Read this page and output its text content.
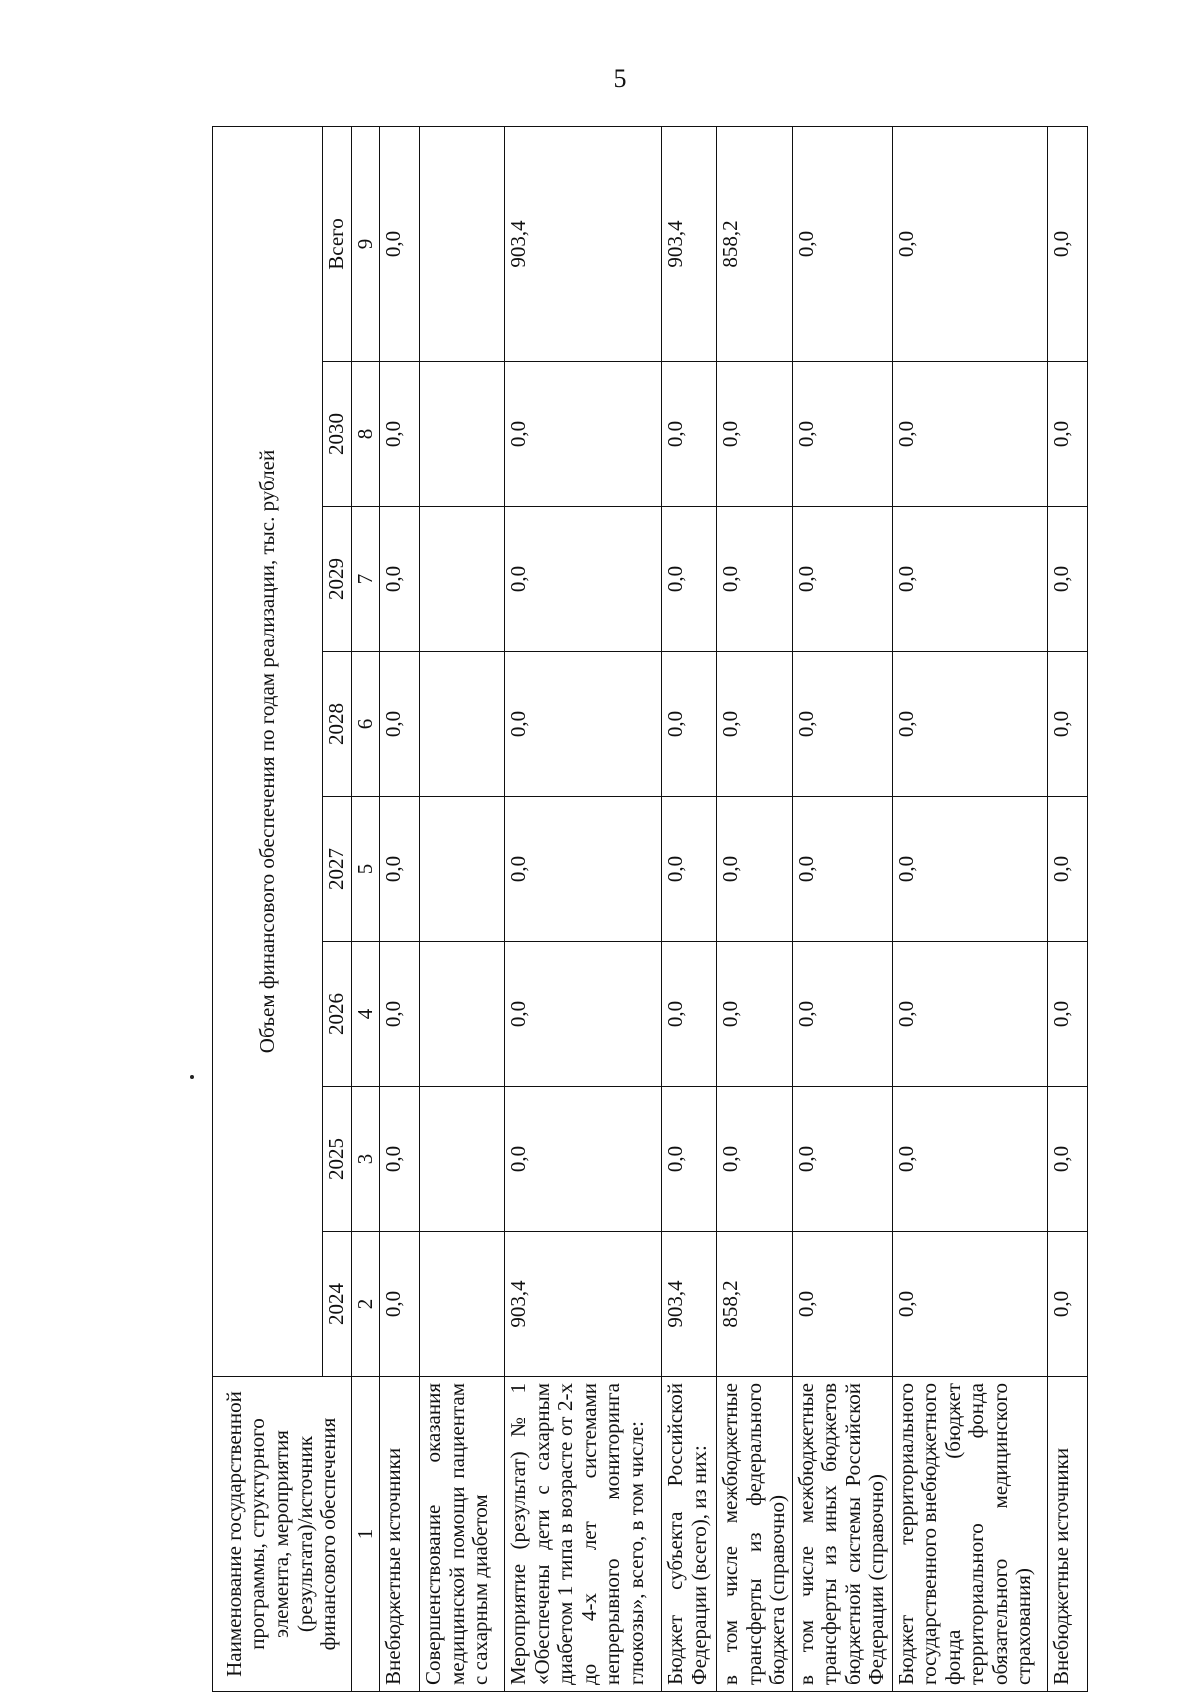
5
Наименование государственной программы, структурного элемента, мероприятия (результата)/источник финансового обеспечения	Объем финансового обеспечения по годам реализации, тыс. рублей							
	2024	2025	2026	2027	2028	2029	2030	Всего
1	2	3	4	5	6	7	8	9
Внебюджетные источники	0,0	0,0	0,0	0,0	0,0	0,0	0,0	0,0
Совершенствование оказания медицинской помощи пациентам с сахарным диабетом								
Мероприятие (результат) № 1 «Обеспечены дети с сахарным диабетом 1 типа в возрасте от 2-х до 4-х лет системами непрерывного мониторинга глюкозы», всего, в том числе:	903,4	0,0	0,0	0,0	0,0	0,0	0,0	903,4
Бюджет субъекта Российской Федерации (всего), из них:	903,4	0,0	0,0	0,0	0,0	0,0	0,0	903,4
в том числе межбюджетные трансферты из федерального бюджета (справочно)	858,2	0,0	0,0	0,0	0,0	0,0	0,0	858,2
в том числе межбюджетные трансферты из иных бюджетов бюджетной системы Российской Федерации (справочно)	0,0	0,0	0,0	0,0	0,0	0,0	0,0	0,0
Бюджет территориального государственного внебюджетного фонда (бюджет территориального фонда обязательного медицинского страхования)	0,0	0,0	0,0	0,0	0,0	0,0	0,0	0,0
Внебюджетные источники	0,0	0,0	0,0	0,0	0,0	0,0	0,0	0,0
